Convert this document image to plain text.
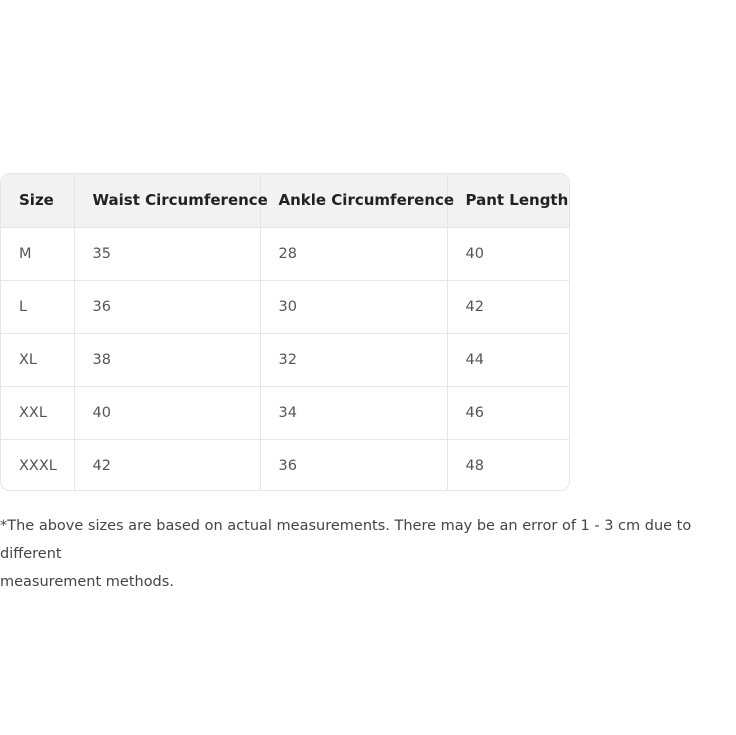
Size	Waist Circumference	Ankle Circumference	Pant Length
M	35	28	40
L	36	30	42
XL	38	32	44
XXL	40	34	46
XXXL	42	36	48
*The above sizes are based on actual measurements. There may be an error of 1 - 3 cm due to different
measurement methods.
